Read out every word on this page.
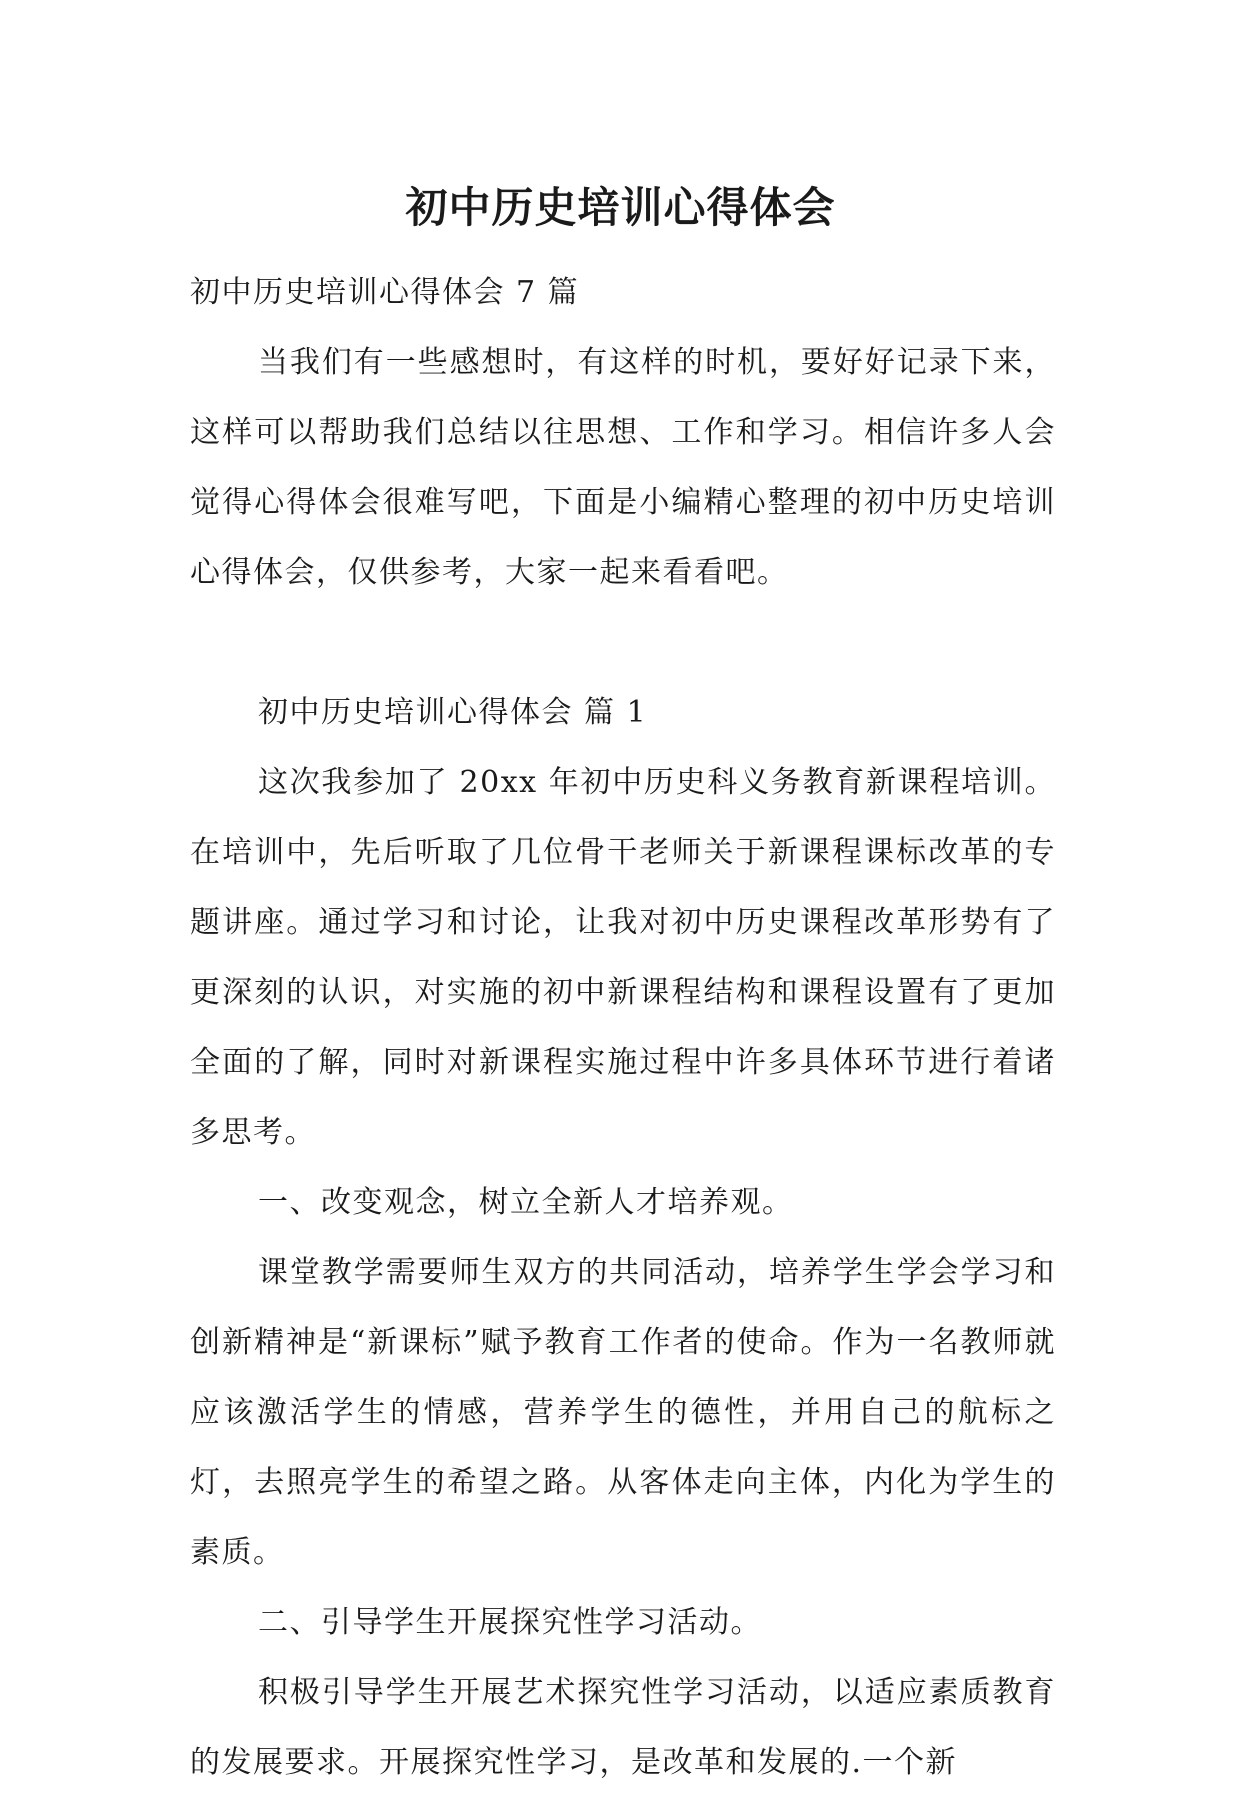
初中历史培训心得体会

初中历史培训心得体会 7 篇

当我们有一些感想时，有这样的时机，要好好记录下来，这样可以帮助我们总结以往思想、工作和学习。相信许多人会觉得心得体会很难写吧，下面是小编精心整理的初中历史培训心得体会，仅供参考，大家一起来看看吧。

初中历史培训心得体会 篇 1

这次我参加了 20xx 年初中历史科义务教育新课程培训。在培训中，先后听取了几位骨干老师关于新课程课标改革的专题讲座。通过学习和讨论，让我对初中历史课程改革形势有了更深刻的认识，对实施的初中新课程结构和课程设置有了更加全面的了解，同时对新课程实施过程中许多具体环节进行着诸多思考。

一、改变观念，树立全新人才培养观。

课堂教学需要师生双方的共同活动，培养学生学会学习和创新精神是“新课标”赋予教育工作者的使命。作为一名教师就应该激活学生的情感，营养学生的德性，并用自己的航标之灯，去照亮学生的希望之路。从客体走向主体，内化为学生的素质。

二、引导学生开展探究性学习活动。

积极引导学生开展艺术探究性学习活动，以适应素质教育的发展要求。开展探究性学习，是改革和发展的.一个新
